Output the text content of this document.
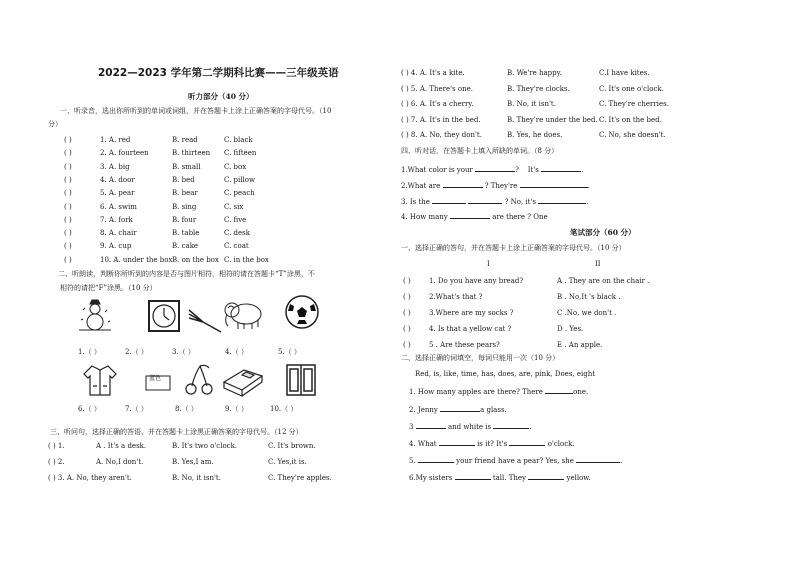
2022—2023 学年第二学期科比赛——三年级英语
听力部分（40 分）
一、听录音，选出你所听到的单词或词组，并在答题卡上涂上正确答案的字母代号。（10
分）
( )	1. A. red	B. read	C. black
( )	2. A. fourteen	B. thirteen C. fifteen
( )	3. A. big	B. small	C. box
( )	4. A. door	B. bed	C. pillow
( )	5. A. pear	B. bear	C. peach
( )	6. A. swim	B. sing	C. six
( )	7. A. fork	B. four	C. five
( )	8. A. chair	B. table	C. desk
( )	9. A. cup	B. cake	C. coat
( )	10. A. under the box B. on the box C. in the box
二、听朗读，判断你所听到的内容是否与图片相符，相符的请在答题卡“T”涂黑，不
相符的请把“F”涂黑。（10 分）
1.（ ）	2.（ ）	3.（ ）	4.（ ）	5.（ ）
蓝色
6.（ ）	7.（ ）	8.（ ）	9.（ ）	10.（ ）
三、听问句，选择正确的答语，并在答题卡上涂黑正确答案的字母代号。（12 分）
( ) 1.	A . It's a desk.	B. It's two o'clock.	C. It's brown.
( ) 2.	A. No,I don't.	B. Yes,I am.	C. Yes,it is.
( ) 3. A. No, they aren't.	B. No, it isn't.	C. They're apples.
( ) 4. A. It's a kite.	B. We're happy.	C.I have kites.
( ) 5. A. There's one.	B. They're clocks.	C. It's one o'clock.
( ) 6. A. It's a cherry.	B. No, it isn't.	C. They're cherries.
( ) 7. A. It's in the bed.	B. They're under the bed. C. It's on the bed.
( ) 8. A. No, they don't.	B. Yes, he does.	C. No, she doesn't.
四、听对话，在答题卡上填入所缺的单词。（8 分）
1.What color is your	? It's	.
2.What are	? They're	.
3. Is the	? No, it's	.
4. How many	are there ? One
笔试部分（60 分）
一、选择正确的答句，并在答题卡上涂上正确答案的字母代号。（10 分）
I	II
( )	1. Do you have any bread?	A . They are on the chair .
( )	2.What's that ?	B . No,It 's black .
( )	3.Where are my socks ?	C .No, we don't .
( )	4. Is that a yellow cat ?	D . Yes.
( )	5 . Are these pears?	E . An apple.
二、选择正确的词填空，每词只能用一次（10 分）
Red, is, like, time, has, does, are, pink, Does, eight
1. How many apples are there? There	one.
2. Jenny	a glass.
3	and white is	.
4. What	is it? It's	o'clock.
5.	your friend have a pear? Yes, she	.
6.My sisters	tall. They	yellow.
